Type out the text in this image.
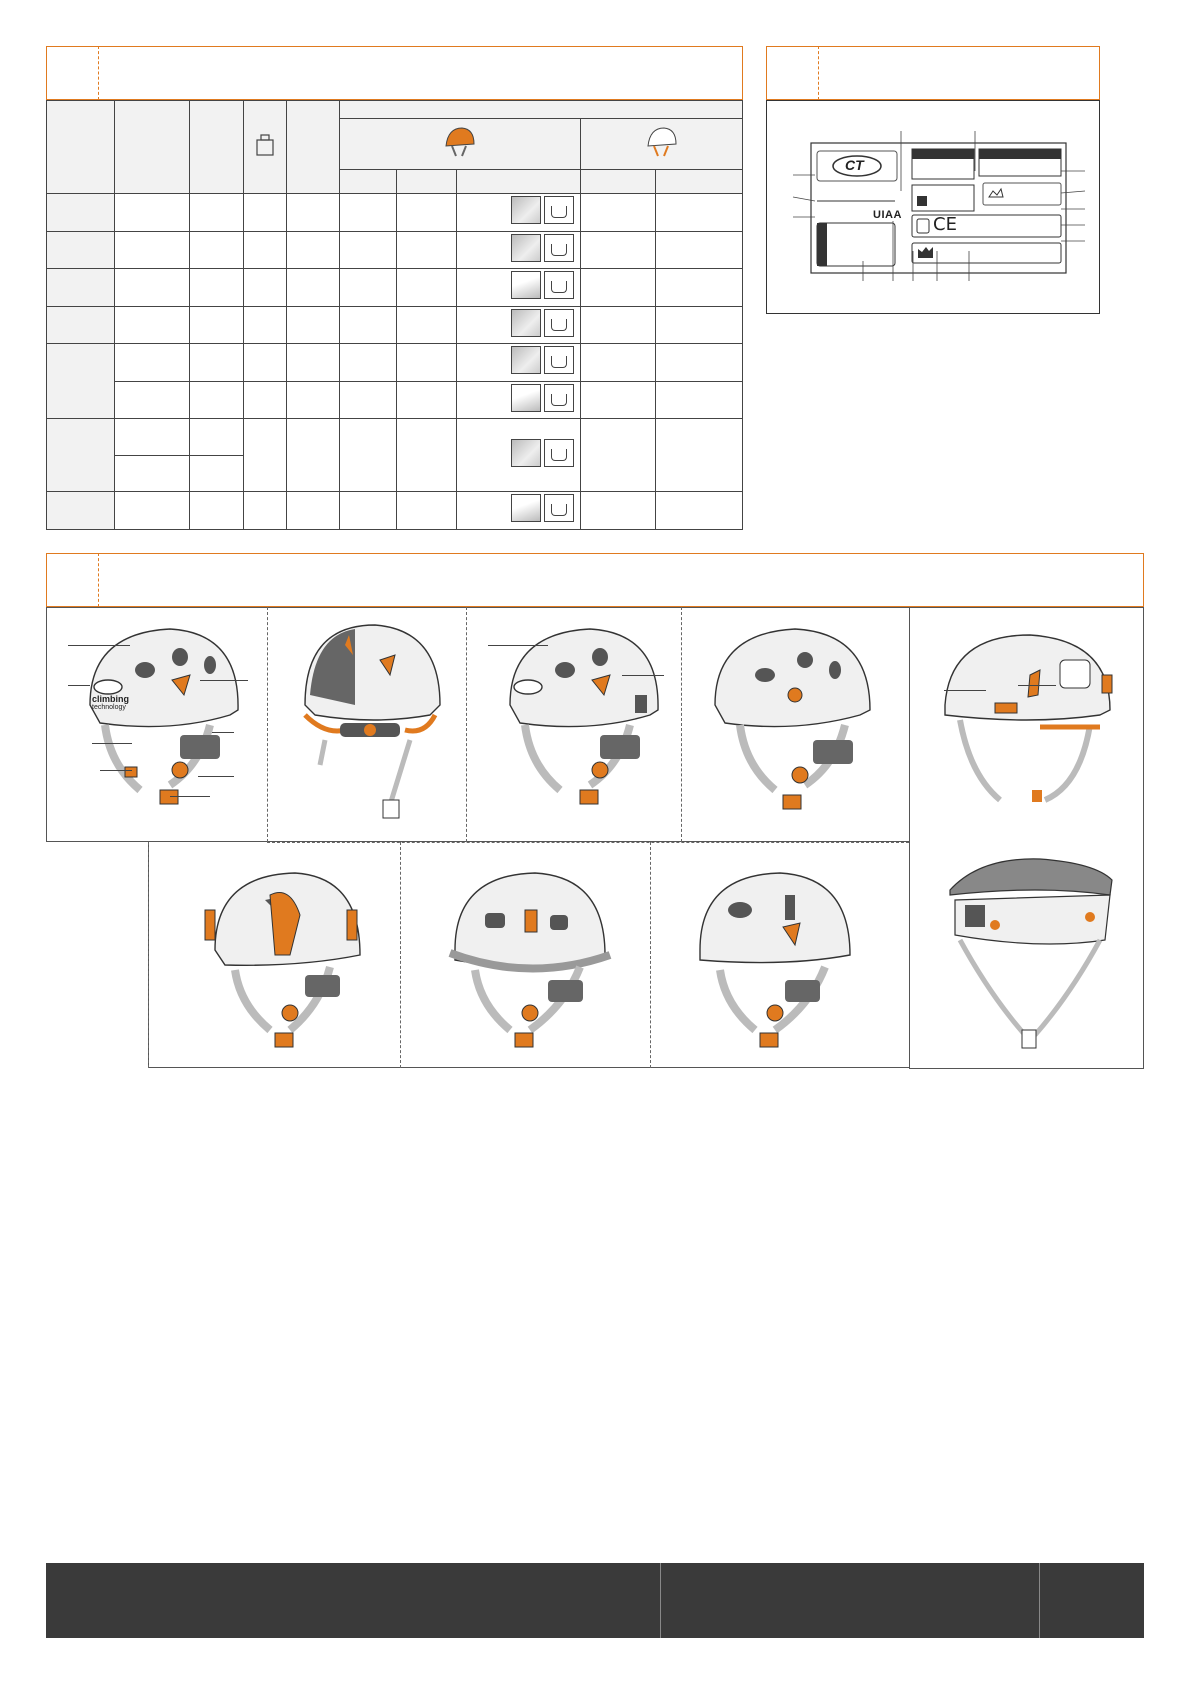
CT
UIAA CE
climbing
technology
